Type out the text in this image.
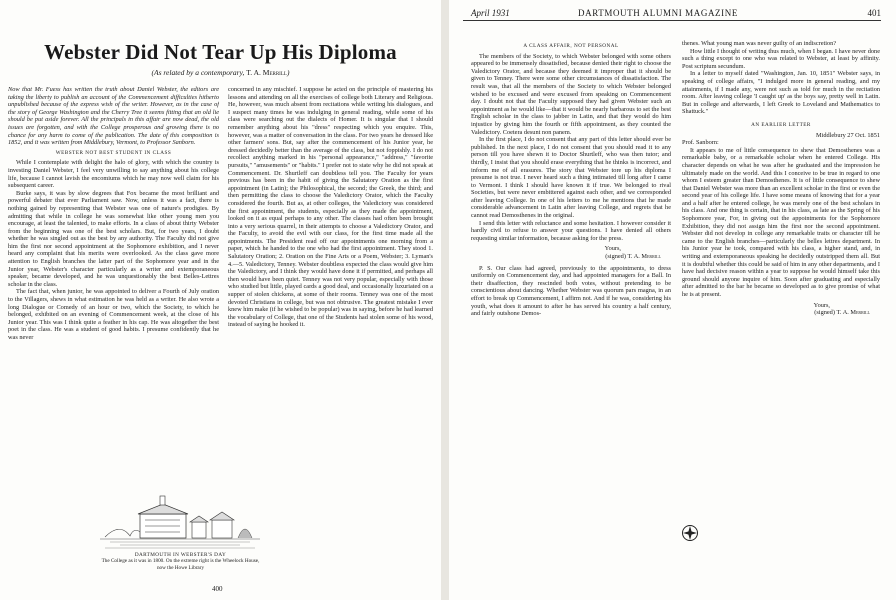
Webster Did Not Tear Up His Diploma
(As related by a contemporary, T. A. Merrill)

Now that Mr. Fuess has written the truth about Daniel Webster, the editors are taking the liberty to publish an account of the Commencement difficulties hitherto unpublished because of the express wish of the writer. However, as in the case of the story of George Washington and the Cherry Tree it seems fitting that an old lie should be put aside forever. All the principals in this affair are now dead, the old issues are forgotten, and with the College prosperous and growing there is no chance for any harm to come of the publication. The date of this composition is 1852, and it was written from Middlebury, Vermont, to Professor Sanborn.

WEBSTER NOT BEST STUDENT IN CLASS

While I contemplate with delight the halo of glory, with which the country is investing Daniel Webster, I feel very unwilling to say anything about his college life, because I cannot lavish the encomiums which he may now well claim for his subsequent career.

Burke says, it was by slow degrees that Fox became the most brilliant and powerful debater that ever Parliament saw. Now, unless it was a fact, there is nothing gained by representing that Webster was one of nature's prodigies. By admitting that while in college he was somewhat like other young men you encourage, at least the talented, to make efforts. In a class of about thirty Webster from the beginning was one of the best scholars. But, for two years, I doubt whether he was singled out as the best by any authority. The Faculty did not give him the first nor second appointment at the Sophomore exhibition, and I never heard any complaint that his merits were overlooked. As the class gave more attention to English branches the latter part of the Sophomore year and in the Junior year, Webster's character particularly as a writer and extemporaneous speaker, became developed, and he was unquestionably the best Belles-Lettres scholar in the class.

The fact that, when junior, he was appointed to deliver a Fourth of July oration to the Villagers, shews in what estimation he was held as a writer. He also wrote a long Dialogue or Comedy of an hour or two, which the Society, to which he belonged, exhibited on an evening of Commencement week, at the close of his Junior year. This was I think quite a feather in his cap. He was altogether the best poet in the class. He was a student of good habits. I presume confidently that he was never

concerned in any mischief. I suppose he acted on the principle of mastering his lessons and attending on all the exercises of college both Literary and Religious. He, however, was much absent from recitations while writing his dialogues, and I suspect many times he was indulging in general reading, while some of his class were searching out the dialects of Homer. It is singular that I should remember anything about his "dress" respecting which you enquire. This, however, was a matter of conversation in the class. For two years he dressed like other farmers' sons. But, say after the commencement of his Junior year, he dressed decidedly better than the average of the class, but not foppishly. I do not recollect anything marked in his "personal appearance," "address," "favorite pursuits," "amusements" or "habits." I prefer not to state why he did not speak at Commencement. Dr. Shurtleff can doubtless tell you. The Faculty for years previous has been in the habit of giving the Salutatory Oration as the first appointment (in Latin); the Philosophical, the second; the Greek, the third; and then permitting the class to choose the Valedictory Orator, which the Faculty considered the fourth. But as, at other colleges, the Valedictory was considered the first appointment, the students, especially as they made the appointment, looked on it as equal perhaps to any other. The classes had often been brought into a very serious quarrel, in their attempts to choose a Valedictory Orator, and the Faculty, to avoid the evil with our class, for the first time made all the appointments. The President read off our appointments one morning from a paper, which he handed to the one who had the first appointment. They stood 1. Salutatory Oration; 2. Oration on the Fine Arts or a Poem, Webster; 3. Lyman's 4.—5. Valedictory, Tenney. Webster doubtless expected the class would give him the Valedictory, and I think they would have done it if permitted, and perhaps all then would have been quiet. Tenney was not very popular, especially with those who studied but little, played cards a good deal, and occasionally luxuriated on a supper of stolen chickens, at some of their rooms. Tenney was one of the most devoted Christians in college, but was not obtrusive. The greatest mistake I ever knew him make (if he wished to be popular) was in saying, before he had learned the vocabulary of College, that one of the Students had stolen some of his wood, instead of saying he hooked it.

DARTMOUTH IN WEBSTER'S DAY
The College as it was in 1800. On the extreme right is the Wheelock House, now the Howe Library
400
April 1931	DARTMOUTH ALUMNI MAGAZINE	401

A CLASS AFFAIR, NOT PERSONAL

The members of the Society, to which Webster belonged with some others appeared to be immensely dissatisfied, because denied their right to choose the Valedictory Orator, and because they deemed it improper that it should be given to Tenney. There were some other circumstances of dissatisfaction. The result was, that all the members of the Society to which Webster belonged wished to be excused and were excused from speaking on Commencement day. I doubt not that the Faculty supposed they had given Webster such an appointment as he would like—that it would be nearly barbarous to set the best English scholar in the class to jabber in Latin, and that they would do him injustice by giving him the fourth or fifth appointment, as they counted the Valedictory. Coetera desunt non panem.

In the first place, I do not consent that any part of this letter should ever be published. In the next place, I do not consent that you should read it to any person till you have shewn it to Doctor Shurtleff, who was then tutor; and thirdly, I insist that you should erase everything that he thinks is incorrect, and inform me of all erasures. The story that Webster tore up his diploma I presume is not true. I never heard such a thing intimated till long after I came to Vermont. I think I should have known it if true. We belonged to rival Societies, but were never embittered against each other, and we corresponded after leaving College. In one of his letters to me he mentions that he made considerable advancement in Latin after leaving College, and regrets that he cannot read Demosthenes in the original.

I send this letter with reluctance and some hesitation. I however consider it hardly civil to refuse to answer your questions. I have denied all others requesting similar information, because asking for the press.

Yours,

(signed) T. A. Merrill

P. S. Our class had agreed, previously to the appointments, to dress uniformly on Commencement day, and had appointed managers for a Ball. In their disaffection, they rescinded both votes, without pretending to be conscientious about dancing. Whether Webster was quorum pars magna, in an effort to break up Commencement, I affirm not. And if he was, considering his youth, what does it amount to after he has served his country a half century, and fairly outshone Demos-

thenes. What young man was never guilty of an indiscretion?

How little I thought of writing thus much, when I began. I have never done such a thing except to one who was related to Webster, at least by affinity. Post scriptum secundum.

In a letter to myself dated "Washington, Jan. 10, 1851" Webster says, in speaking of college affairs, "I indulged more in general reading, and my attainments, if I made any, were not such as told for much in the recitation room. After leaving college 'I caught up' as the boys say, pretty well in Latin. But in college and afterwards, I left Greek to Loveland and Mathematics to Shattuck."

AN EARLIER LETTER

Middlebury 27 Oct. 1851

Prof. Sanborn:

It appears to me of little consequence to shew that Demosthenes was a remarkable baby, or a remarkable scholar when he entered College. His character depends on what he was after he graduated and the impression he ultimately made on the world. And this I conceive to be true in regard to one whom I esteem greater than Demosthenes. It is of little consequence to shew that Daniel Webster was more than an excellent scholar in the first or even the second year of his college life. I have some means of knowing that for a year and a half after he entered college, he was merely one of the best scholars in his class. And one thing is certain, that in his class, as late as the Spring of his Sophomore year, For, in giving out the appointments for the Sophomore Exhibition, they did not assign him the first nor the second appointment. Webster did not develop in college any remarkable traits or character till he came to the English branches—particularly the belles lettres department. In his Junior year he took, compared with his class, a higher stand, and, in writing and extemporaneous speaking he decidedly outstripped them all. But it is doubtful whether this could be said of him in any other departments, and I have had decisive reason within a year to suppose he would himself take this ground should anyone inquire of him. Soon after graduating and especially after admitted to the bar he became so developed as to give promise of what he is at present.

Yours,

(signed) T. A. Merrill
